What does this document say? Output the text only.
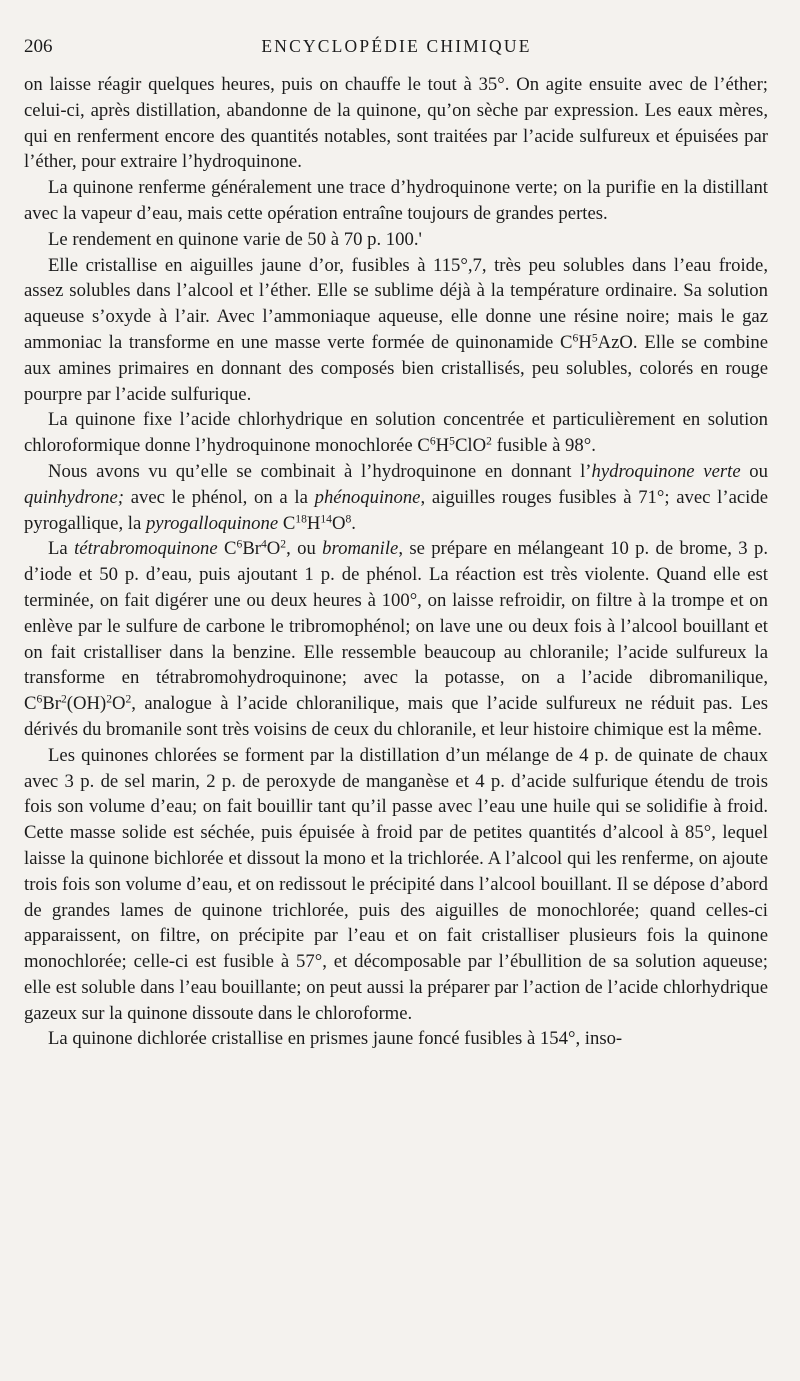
206	ENCYCLOPÉDIE CHIMIQUE

on laisse réagir quelques heures, puis on chauffe le tout à 35°. On agite ensuite avec de l’éther; celui-ci, après distillation, abandonne de la quinone, qu’on sèche par expression. Les eaux mères, qui en renferment encore des quantités notables, sont traitées par l’acide sulfureux et épuisées par l’éther, pour extraire l’hydroquinone.

La quinone renferme généralement une trace d’hydroquinone verte; on la purifie en la distillant avec la vapeur d’eau, mais cette opération entraîne toujours de grandes pertes.

Le rendement en quinone varie de 50 à 70 p. 100.'

Elle cristallise en aiguilles jaune d’or, fusibles à 115°,7, très peu solubles dans l’eau froide, assez solubles dans l’alcool et l’éther. Elle se sublime déjà à la température ordinaire. Sa solution aqueuse s’oxyde à l’air. Avec l’ammoniaque aqueuse, elle donne une résine noire; mais le gaz ammoniac la transforme en une masse verte formée de quinonamide $C^6H^5AzO$. Elle se combine aux amines primaires en donnant des composés bien cristallisés, peu solubles, colorés en rouge pourpre par l’acide sulfurique.

La quinone fixe l’acide chlorhydrique en solution concentrée et particulièrement en solution chloroformique donne l’hydroquinone monochlorée $C^6H^5ClO^2$ fusible à 98°.

Nous avons vu qu’elle se combinait à l’hydroquinone en donnant l’hydroquinone verte ou quinhydrone; avec le phénol, on a la phénoquinone, aiguilles rouges fusibles à 71°; avec l’acide pyrogallique, la pyrogalloquinone $C^{18}H^{14}O^8$.

La tétrabromoquinone $C^6Br^4O^2$, ou bromanile, se prépare en mélangeant 10 p. de brome, 3 p. d’iode et 50 p. d’eau, puis ajoutant 1 p. de phénol. La réaction est très violente. Quand elle est terminée, on fait digérer une ou deux heures à 100°, on laisse refroidir, on filtre à la trompe et on enlève par le sulfure de carbone le tribromophénol; on lave une ou deux fois à l’alcool bouillant et on fait cristalliser dans la benzine. Elle ressemble beaucoup au chloranile; l’acide sulfureux la transforme en tétrabromohydroquinone; avec la potasse, on a l’acide dibromanilique, $C^6Br^2(OH)^2O^2$, analogue à l’acide chloranilique, mais que l’acide sulfureux ne réduit pas. Les dérivés du bromanile sont très voisins de ceux du chloranile, et leur histoire chimique est la même.

Les quinones chlorées se forment par la distillation d’un mélange de 4 p. de quinate de chaux avec 3 p. de sel marin, 2 p. de peroxyde de manganèse et 4 p. d’acide sulfurique étendu de trois fois son volume d’eau; on fait bouillir tant qu’il passe avec l’eau une huile qui se solidifie à froid. Cette masse solide est séchée, puis épuisée à froid par de petites quantités d’alcool à 85°, lequel laisse la quinone bichlorée et dissout la mono et la trichlorée. A l’alcool qui les renferme, on ajoute trois fois son volume d’eau, et on redissout le précipité dans l’alcool bouillant. Il se dépose d’abord de grandes lames de quinone trichlorée, puis des aiguilles de monochlorée; quand celles-ci apparaissent, on filtre, on précipite par l’eau et on fait cristalliser plusieurs fois la quinone monochlorée; celle-ci est fusible à 57°, et décomposable par l’ébullition de sa solution aqueuse; elle est soluble dans l’eau bouillante; on peut aussi la préparer par l’action de l’acide chlorhydrique gazeux sur la quinone dissoute dans le chloroforme.

La quinone dichlorée cristallise en prismes jaune foncé fusibles à 154°, inso-
